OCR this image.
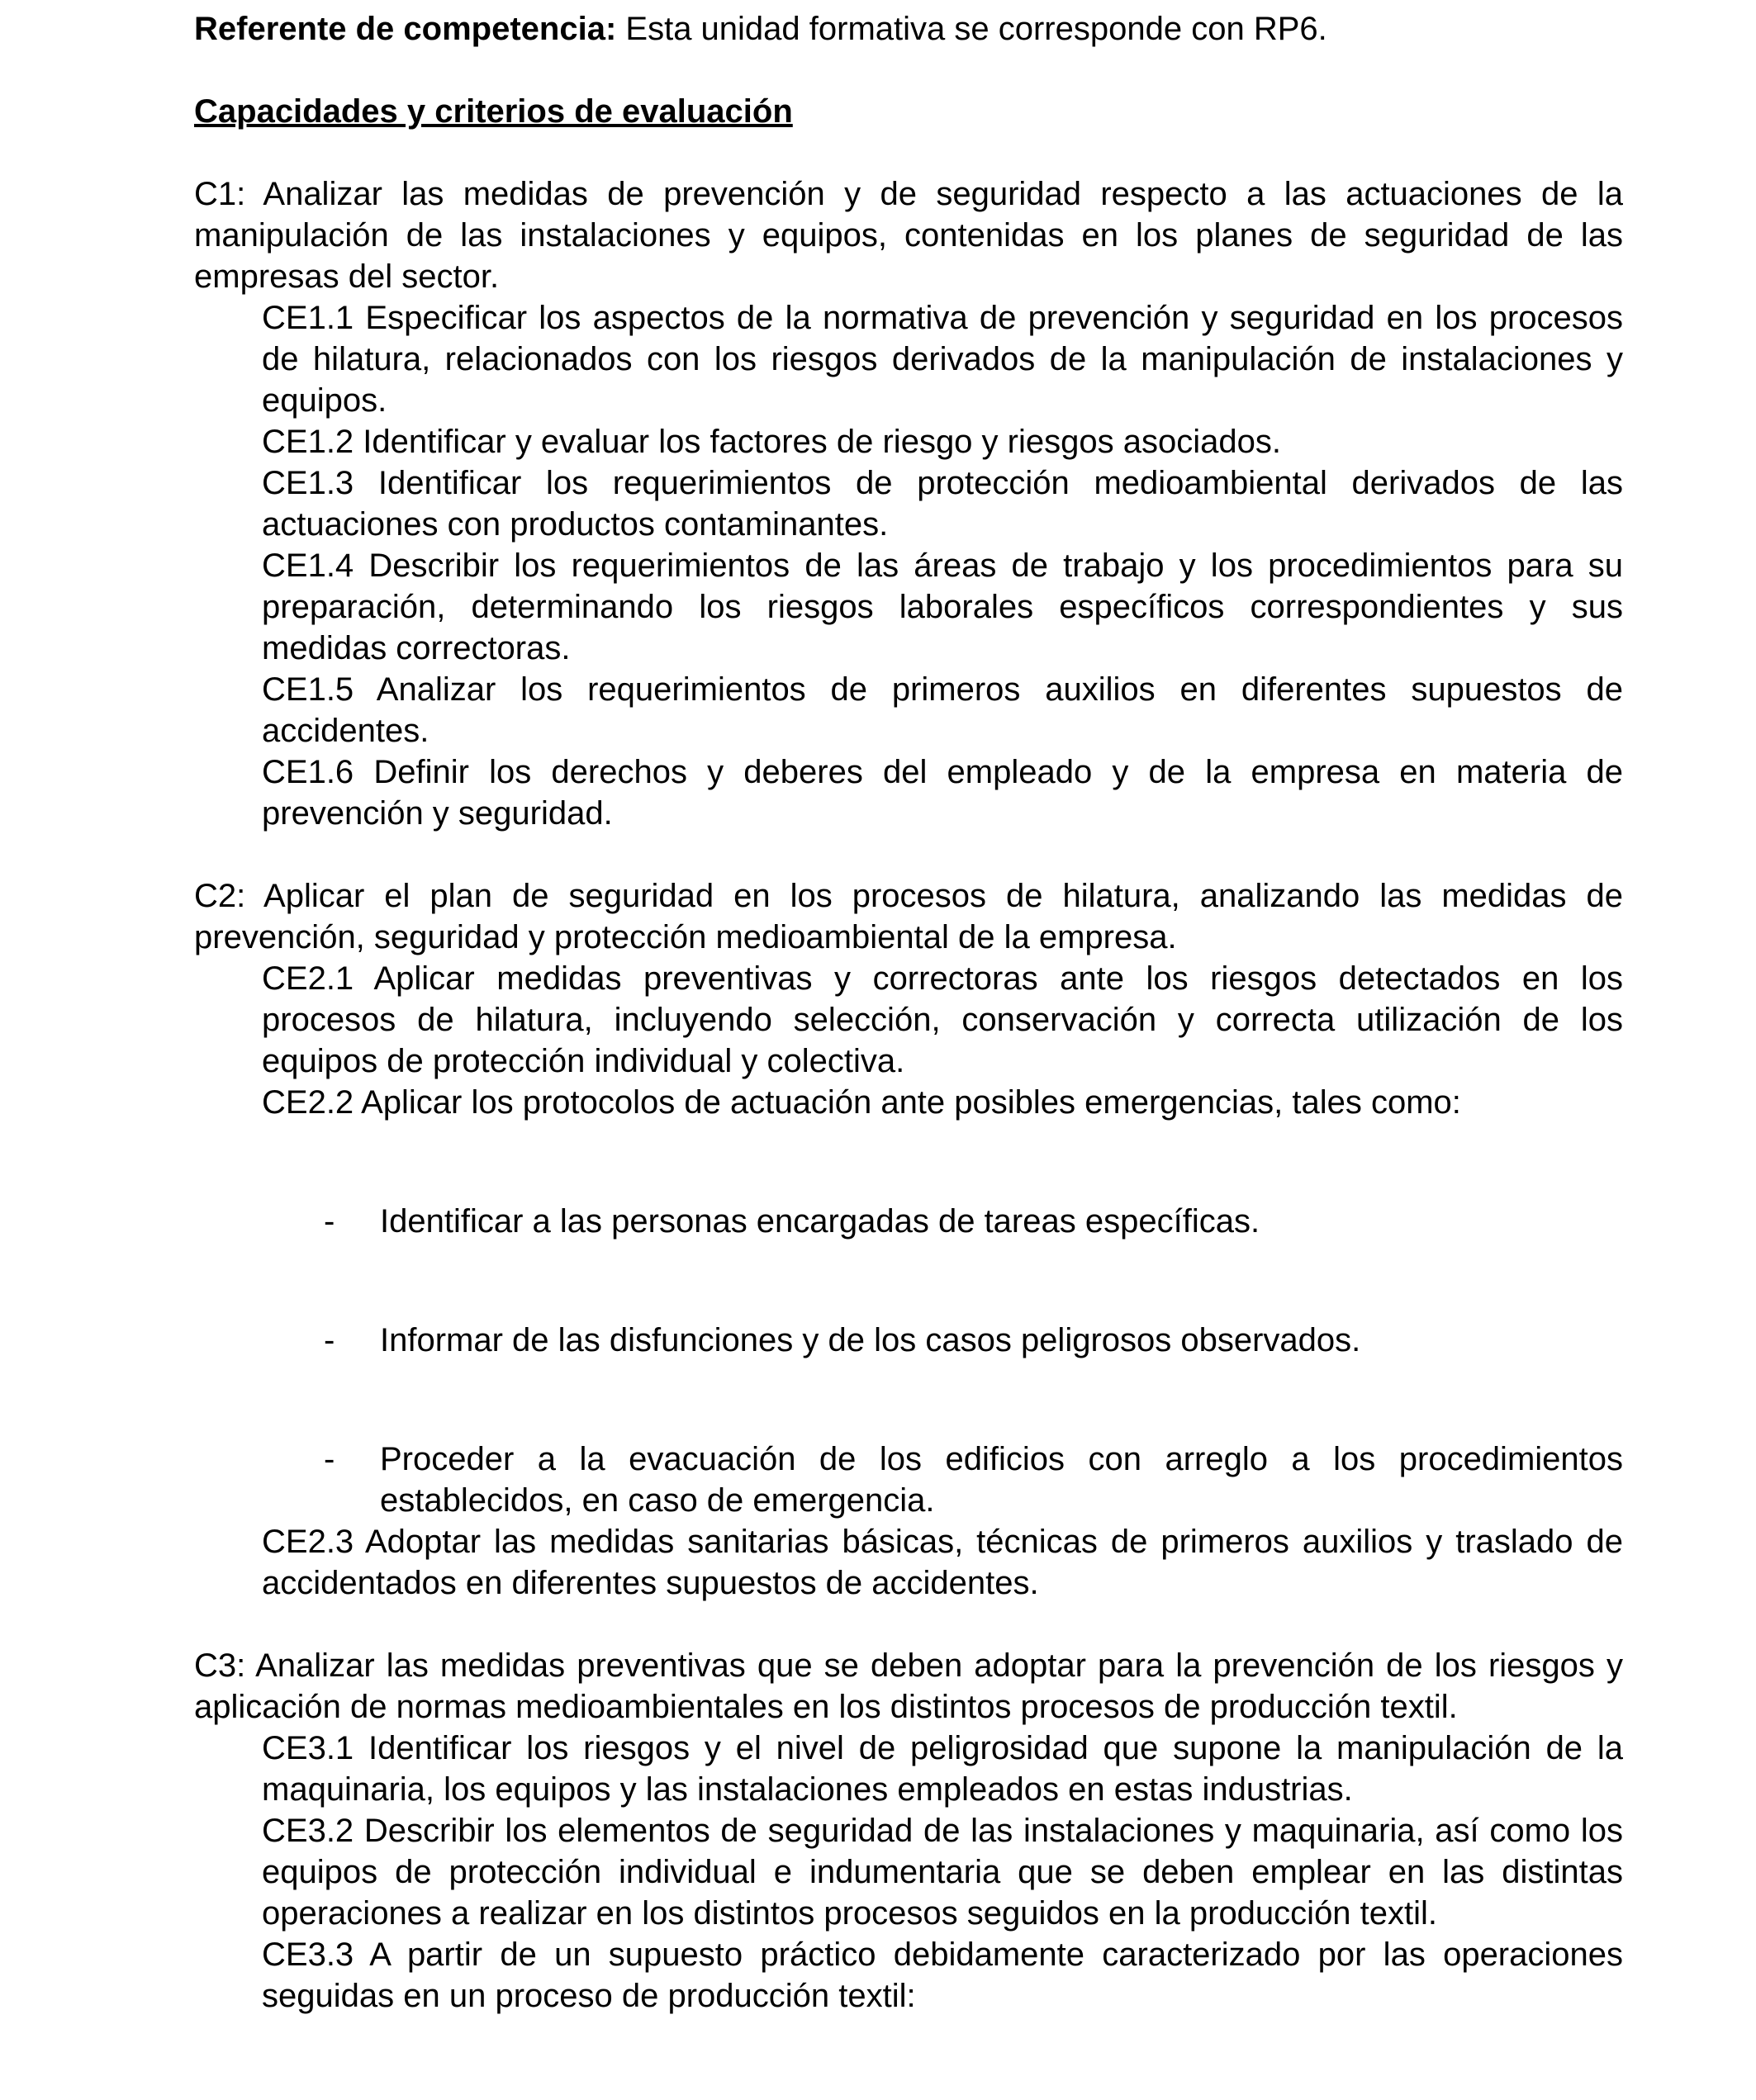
Referente de competencia: Esta unidad formativa se corresponde con RP6.

Capacidades y criterios de evaluación

C1: Analizar las medidas de prevención y de seguridad respecto a las actuaciones de la manipulación de las instalaciones y equipos, contenidas en los planes de seguridad de las empresas del sector.

CE1.1 Especificar los aspectos de la normativa de prevención y seguridad en los procesos de hilatura, relacionados con los riesgos derivados de la manipulación de instalaciones y equipos.

CE1.2 Identificar y evaluar los factores de riesgo y riesgos asociados.

CE1.3 Identificar los requerimientos de protección medioambiental derivados de las actuaciones con productos contaminantes.

CE1.4 Describir los requerimientos de las áreas de trabajo y los procedimientos para su preparación, determinando los riesgos laborales específicos correspondientes y sus medidas correctoras.

CE1.5 Analizar los requerimientos de primeros auxilios en diferentes supuestos de accidentes.

CE1.6 Definir los derechos y deberes del empleado y de la empresa en materia de prevención y seguridad.

C2: Aplicar el plan de seguridad en los procesos de hilatura, analizando las medidas de prevención, seguridad y protección medioambiental de la empresa.

CE2.1 Aplicar medidas preventivas y correctoras ante los riesgos detectados en los procesos de hilatura, incluyendo selección, conservación y correcta utilización de los equipos de protección individual y colectiva.

CE2.2 Aplicar los protocolos de actuación ante posibles emergencias, tales como:

- Identificar a las personas encargadas de tareas específicas.
- Informar de las disfunciones y de los casos peligrosos observados.
- Proceder a la evacuación de los edificios con arreglo a los procedimientos establecidos, en caso de emergencia.

CE2.3 Adoptar las medidas sanitarias básicas, técnicas de primeros auxilios y traslado de accidentados en diferentes supuestos de accidentes.

C3: Analizar las medidas preventivas que se deben adoptar para la prevención de los riesgos y aplicación de normas medioambientales en los distintos procesos de producción textil.

CE3.1 Identificar los riesgos y el nivel de peligrosidad que supone la manipulación de la maquinaria, los equipos y las instalaciones empleados en estas industrias.

CE3.2 Describir los elementos de seguridad de las instalaciones y maquinaria, así como los equipos de protección individual e indumentaria que se deben emplear en las distintas operaciones a realizar en los distintos procesos seguidos en la producción textil.

CE3.3 A partir de un supuesto práctico debidamente caracterizado por las operaciones seguidas en un proceso de producción textil:
